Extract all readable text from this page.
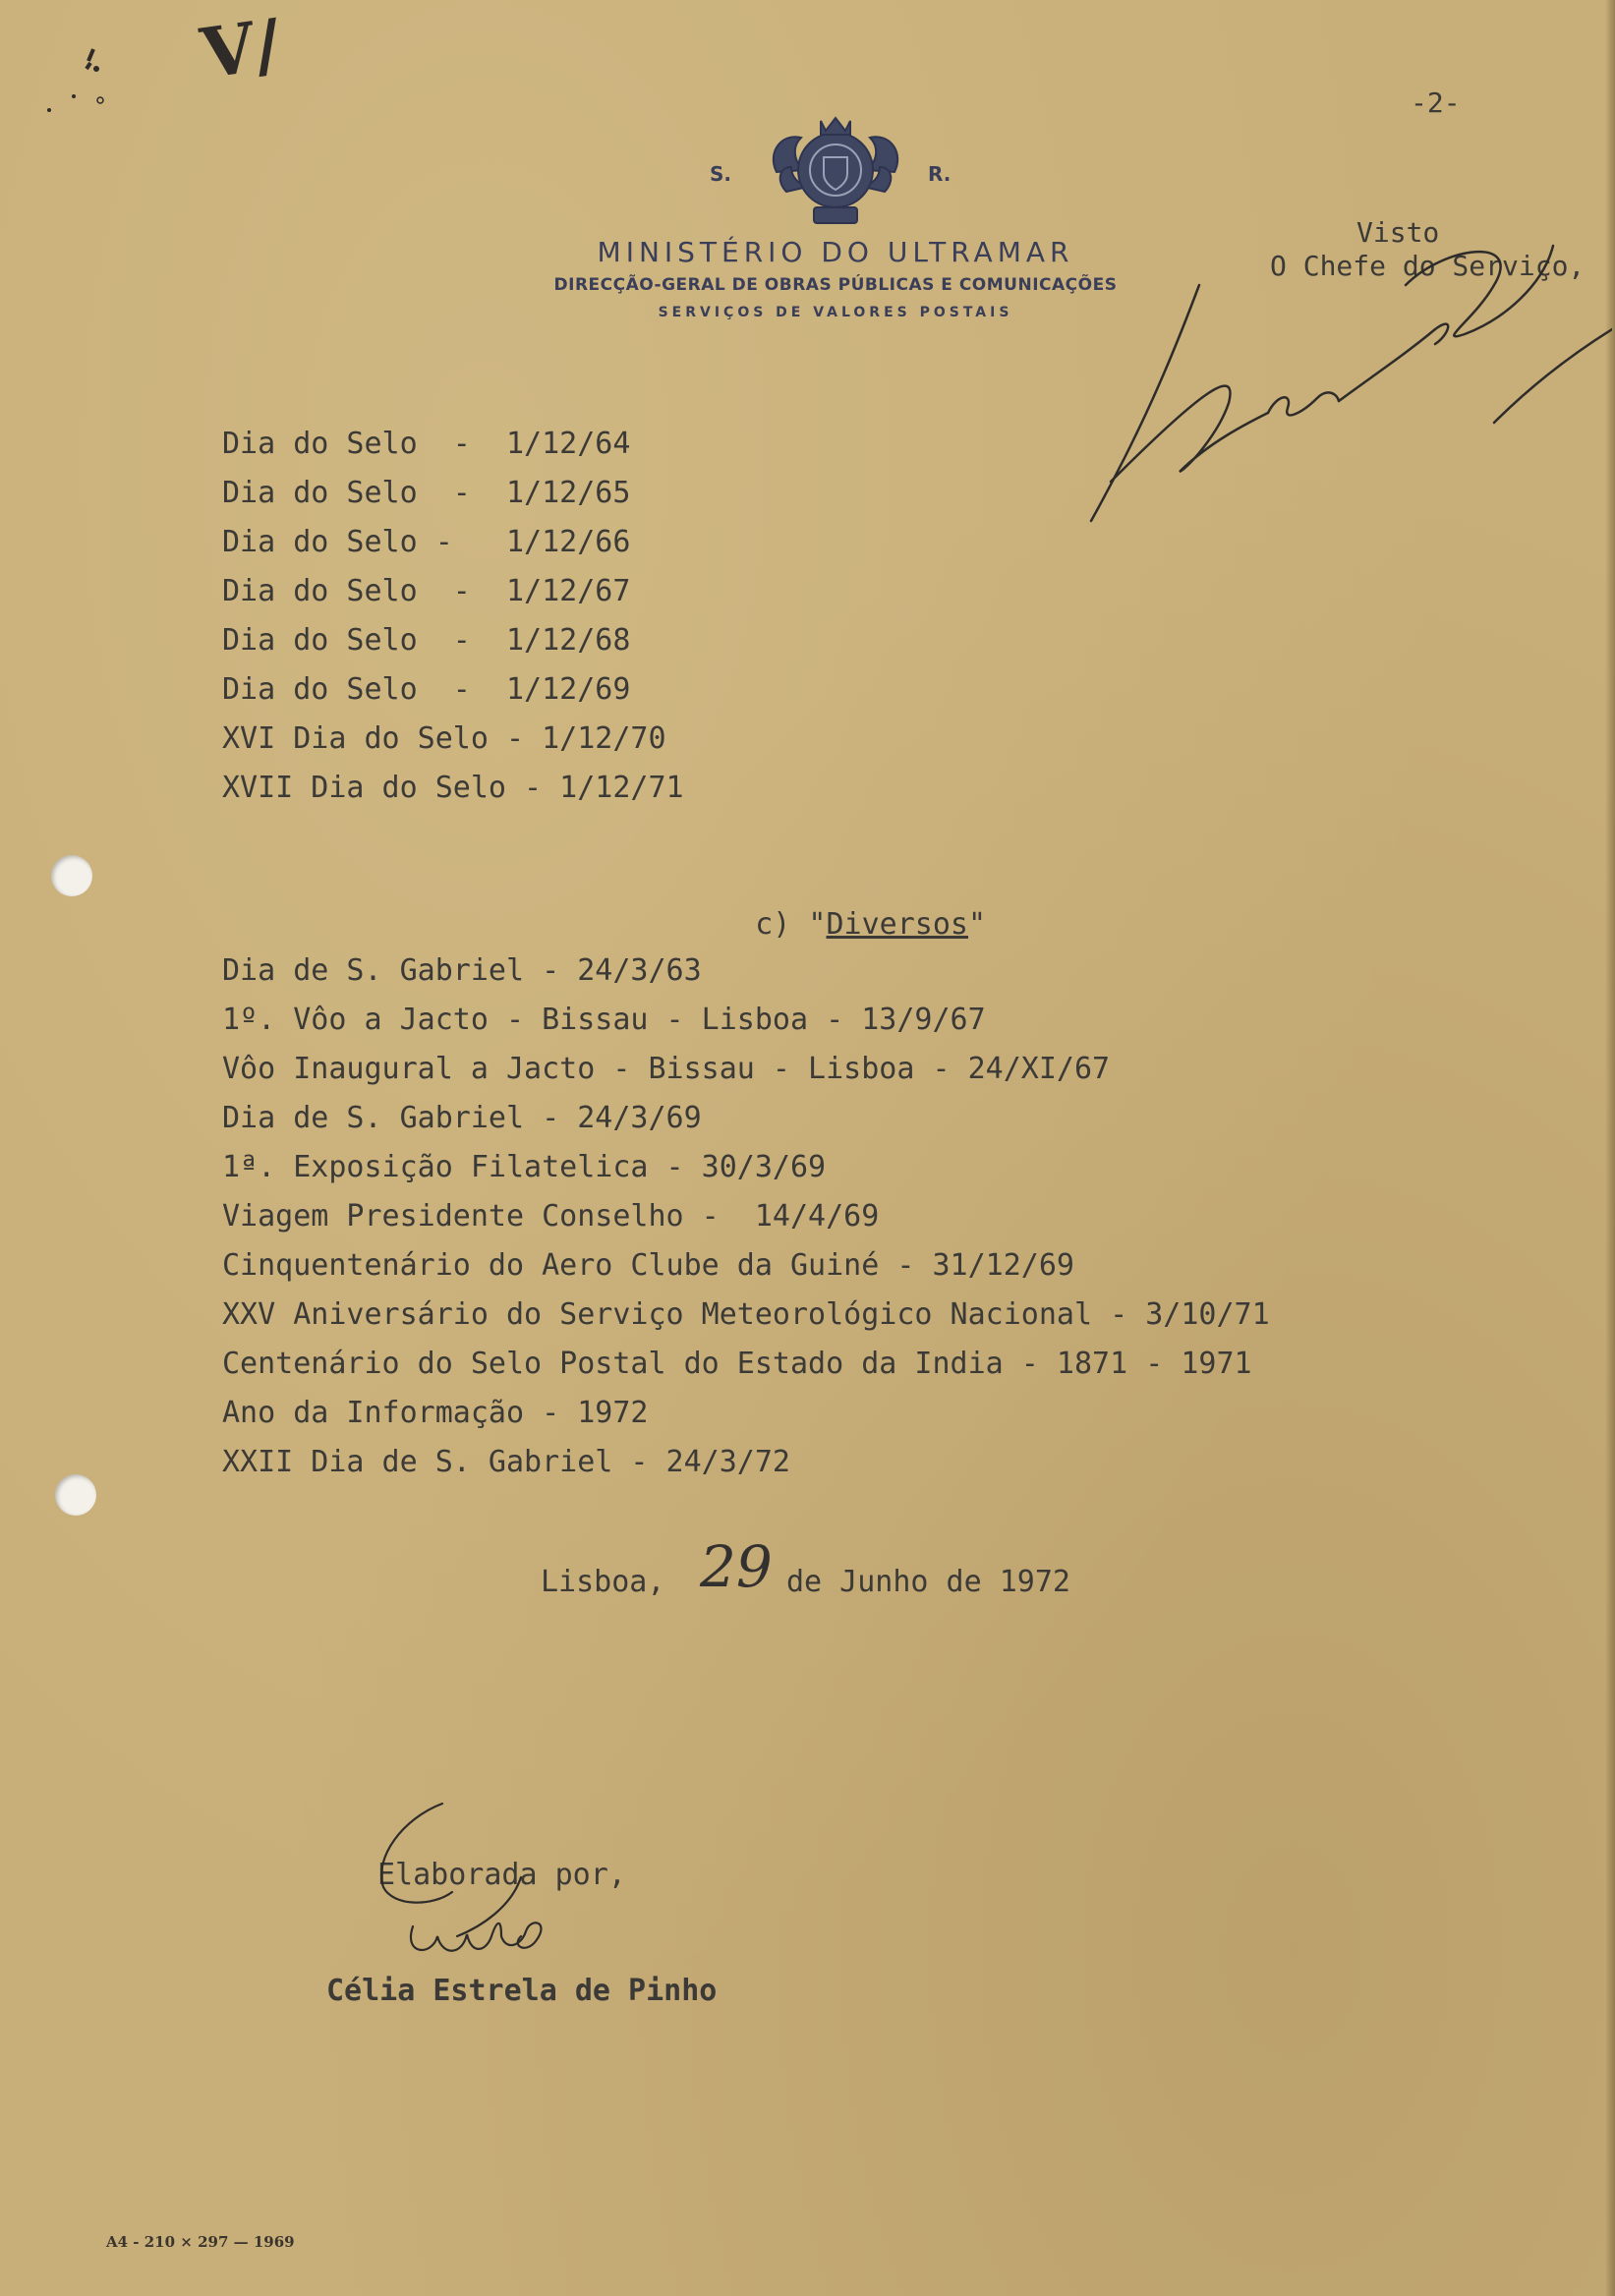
V/
-2-
S.	R.
MINISTÉRIO DO ULTRAMAR
DIRECÇÃO-GERAL DE OBRAS PÚBLICAS E COMUNICAÇÕES
SERVIÇOS DE VALORES POSTAIS
Visto
O Chefe do Serviço,
Dia do Selo  -  1/12/64
Dia do Selo  -  1/12/65
Dia do Selo -   1/12/66
Dia do Selo  -  1/12/67
Dia do Selo  -  1/12/68
Dia do Selo  -  1/12/69
XVI Dia do Selo - 1/12/70
XVII Dia do Selo - 1/12/71

c) "Diversos"

Dia de S. Gabriel - 24/3/63
1º. Vôo a Jacto - Bissau - Lisboa - 13/9/67
Vôo Inaugural a Jacto - Bissau - Lisboa - 24/XI/67
Dia de S. Gabriel - 24/3/69
1ª. Exposição Filatelica - 30/3/69
Viagem Presidente Conselho -  14/4/69
Cinquentenário do Aero Clube da Guiné - 31/12/69
XXV Aniversário do Serviço Meteorológico Nacional - 3/10/71
Centenário do Selo Postal do Estado da India - 1871 - 1971
Ano da Informação - 1972
XXII Dia de S. Gabriel - 24/3/72
Lisboa, 29 de Junho de 1972
Elaborada por,
Célia Estrela de Pinho
A4 - 210 × 297 — 1969
